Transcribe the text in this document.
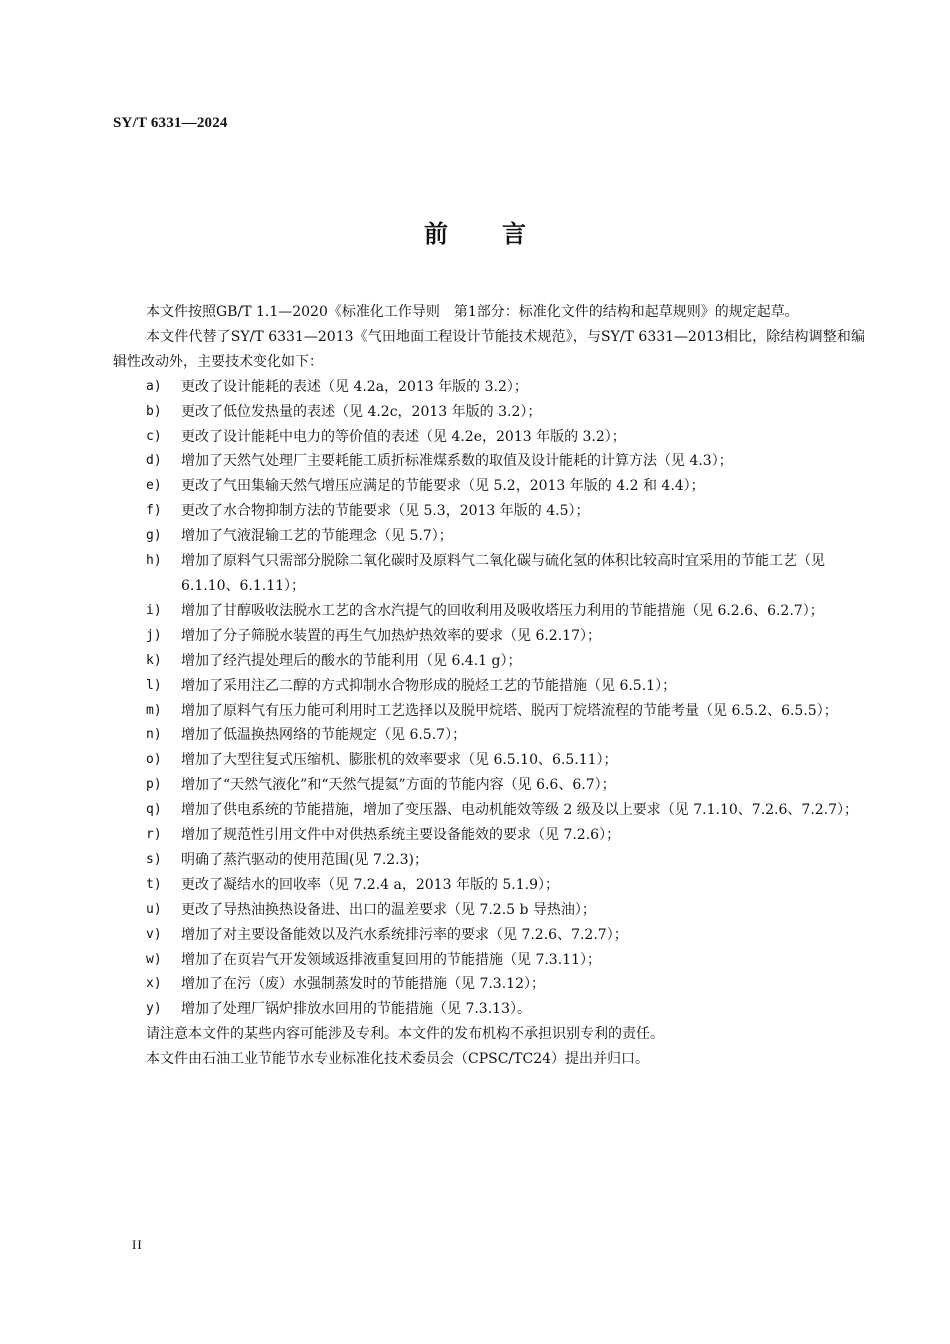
SY/T 6331—2024
前言

本文件按照GB/T 1.1—2020《标准化工作导则　第1部分：标准化文件的结构和起草规则》的规定起草。

本文件代替了SY/T 6331—2013《气田地面工程设计节能技术规范》，与SY/T 6331—2013相比，除结构调整和编辑性改动外，主要技术变化如下：

a)	更改了设计能耗的表述（见 4.2a，2013 年版的 3.2）；
b)	更改了低位发热量的表述（见 4.2c，2013 年版的 3.2）；
c)	更改了设计能耗中电力的等价值的表述（见 4.2e，2013 年版的 3.2）；
d)	增加了天然气处理厂主要耗能工质折标准煤系数的取值及设计能耗的计算方法（见 4.3）；
e)	更改了气田集输天然气增压应满足的节能要求（见 5.2，2013 年版的 4.2 和 4.4）；
f)	更改了水合物抑制方法的节能要求（见 5.3，2013 年版的 4.5）；
g)	增加了气液混输工艺的节能理念（见 5.7）；
h)	增加了原料气只需部分脱除二氧化碳时及原料气二氧化碳与硫化氢的体积比较高时宜采用的节能工艺（见 6.1.10、6.1.11）；
i)	增加了甘醇吸收法脱水工艺的含水汽提气的回收利用及吸收塔压力利用的节能措施（见 6.2.6、6.2.7）；
j)	增加了分子筛脱水装置的再生气加热炉热效率的要求（见 6.2.17）；
k)	增加了经汽提处理后的酸水的节能利用（见 6.4.1 g）；
l)	增加了采用注乙二醇的方式抑制水合物形成的脱烃工艺的节能措施（见 6.5.1）；
m)	增加了原料气有压力能可利用时工艺选择以及脱甲烷塔、脱丙丁烷塔流程的节能考量（见 6.5.2、6.5.5）；
n)	增加了低温换热网络的节能规定（见 6.5.7）；
o)	增加了大型往复式压缩机、膨胀机的效率要求（见 6.5.10、6.5.11）；
p)	增加了“天然气液化”和“天然气提氦”方面的节能内容（见 6.6、6.7）；
q)	增加了供电系统的节能措施，增加了变压器、电动机能效等级 2 级及以上要求（见 7.1.10、7.2.6、7.2.7）；
r)	增加了规范性引用文件中对供热系统主要设备能效的要求（见 7.2.6）；
s)	明确了蒸汽驱动的使用范围(见 7.2.3)；
t)	更改了凝结水的回收率（见 7.2.4 a，2013 年版的 5.1.9）；
u)	更改了导热油换热设备进、出口的温差要求（见 7.2.5 b 导热油）；
v)	增加了对主要设备能效以及汽水系统排污率的要求（见 7.2.6、7.2.7）；
w)	增加了在页岩气开发领域返排液重复回用的节能措施（见 7.3.11）；
x)	增加了在污（废）水强制蒸发时的节能措施（见 7.3.12）；
y)	增加了处理厂锅炉排放水回用的节能措施（见 7.3.13）。

请注意本文件的某些内容可能涉及专利。本文件的发布机构不承担识别专利的责任。

本文件由石油工业节能节水专业标准化技术委员会（CPSC/TC24）提出并归口。

II
